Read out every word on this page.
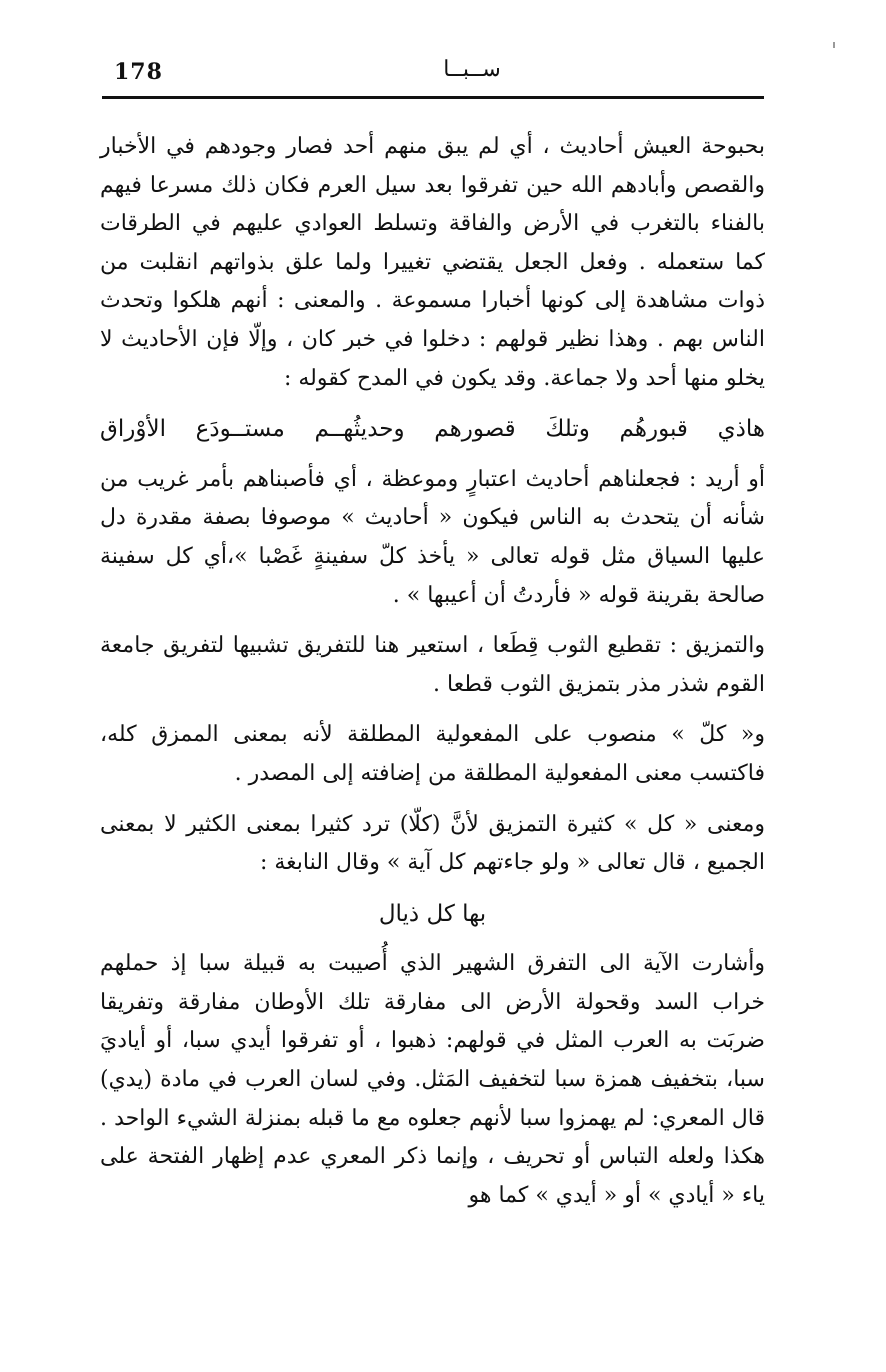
178	ســبــا

بحبوحة العيش أحاديث ، أي لم يبق منهم أحد فصار وجودهم في الأخبار والقصص وأبادهم الله حين تفرقوا بعد سيل العرم فكان ذلك مسرعا فيهم بالفناء بالتغرب في الأرض والفاقة وتسلط العوادي عليهم في الطرقات كما ستعمله . وفعل الجعل يقتضي تغييرا ولما علق بذواتهم انقلبت من ذوات مشاهدة إلى كونها أخبارا مسموعة . والمعنى : أنهم هلكوا وتحدث الناس بهم . وهذا نظير قولهم : دخلوا في خبر كان ، وإلّا فإن الأحاديث لا يخلو منها أحد ولا جماعة. وقد يكون في المدح كقوله :

هاذي
قبورهُم
وتلكَ
قصورهم
وحديثُهــم
مستــودَع
الأوْراق

أو أريد : فجعلناهم أحاديث اعتبارٍ وموعظة ، أي فأصبناهم بأمر غريب من شأنه أن يتحدث به الناس فيكون « أحاديث » موصوفا بصفة مقدرة دل عليها السياق مثل قوله تعالى « يأخذ كلّ سفينةٍ غَصْبا »،أي كل سفينة صالحة بقرينة قوله « فأردتُ أن أعيبها » .

والتمزيق : تقطيع الثوب قِطَعا ، استعير هنا للتفريق تشبيها لتفريق جامعة القوم شذر مذر بتمزيق الثوب قطعا .

و« كلّ » منصوب على المفعولية المطلقة لأنه بمعنى الممزق كله، فاكتسب معنى المفعولية المطلقة من إضافته إلى المصدر .

ومعنى « كل » كثيرة التمزيق لأنَّ (كلّا) ترد كثيرا بمعنى الكثير لا بمعنى الجميع ، قال تعالى « ولو جاءتهم كل آية » وقال النابغة :

بها كل ذيال

وأشارت الآية الى التفرق الشهير الذي أُصيبت به قبيلة سبا إذ حملهم خراب السد وقحولة الأرض الى مفارقة تلك الأوطان مفارقة وتفريقا ضربَت به العرب المثل في قولهم: ذهبوا ، أو تفرقوا أيدي سبا، أو أياديَ سبا، بتخفيف همزة سبا لتخفيف المَثل. وفي لسان العرب في مادة (يدي) قال المعري: لم يهمزوا سبا لأنهم جعلوه مع ما قبله بمنزلة الشيء الواحد . هكذا ولعله التباس أو تحريف ، وإنما ذكر المعري عدم إظهار الفتحة على ياء « أيادي » أو « أيدي » كما هو
